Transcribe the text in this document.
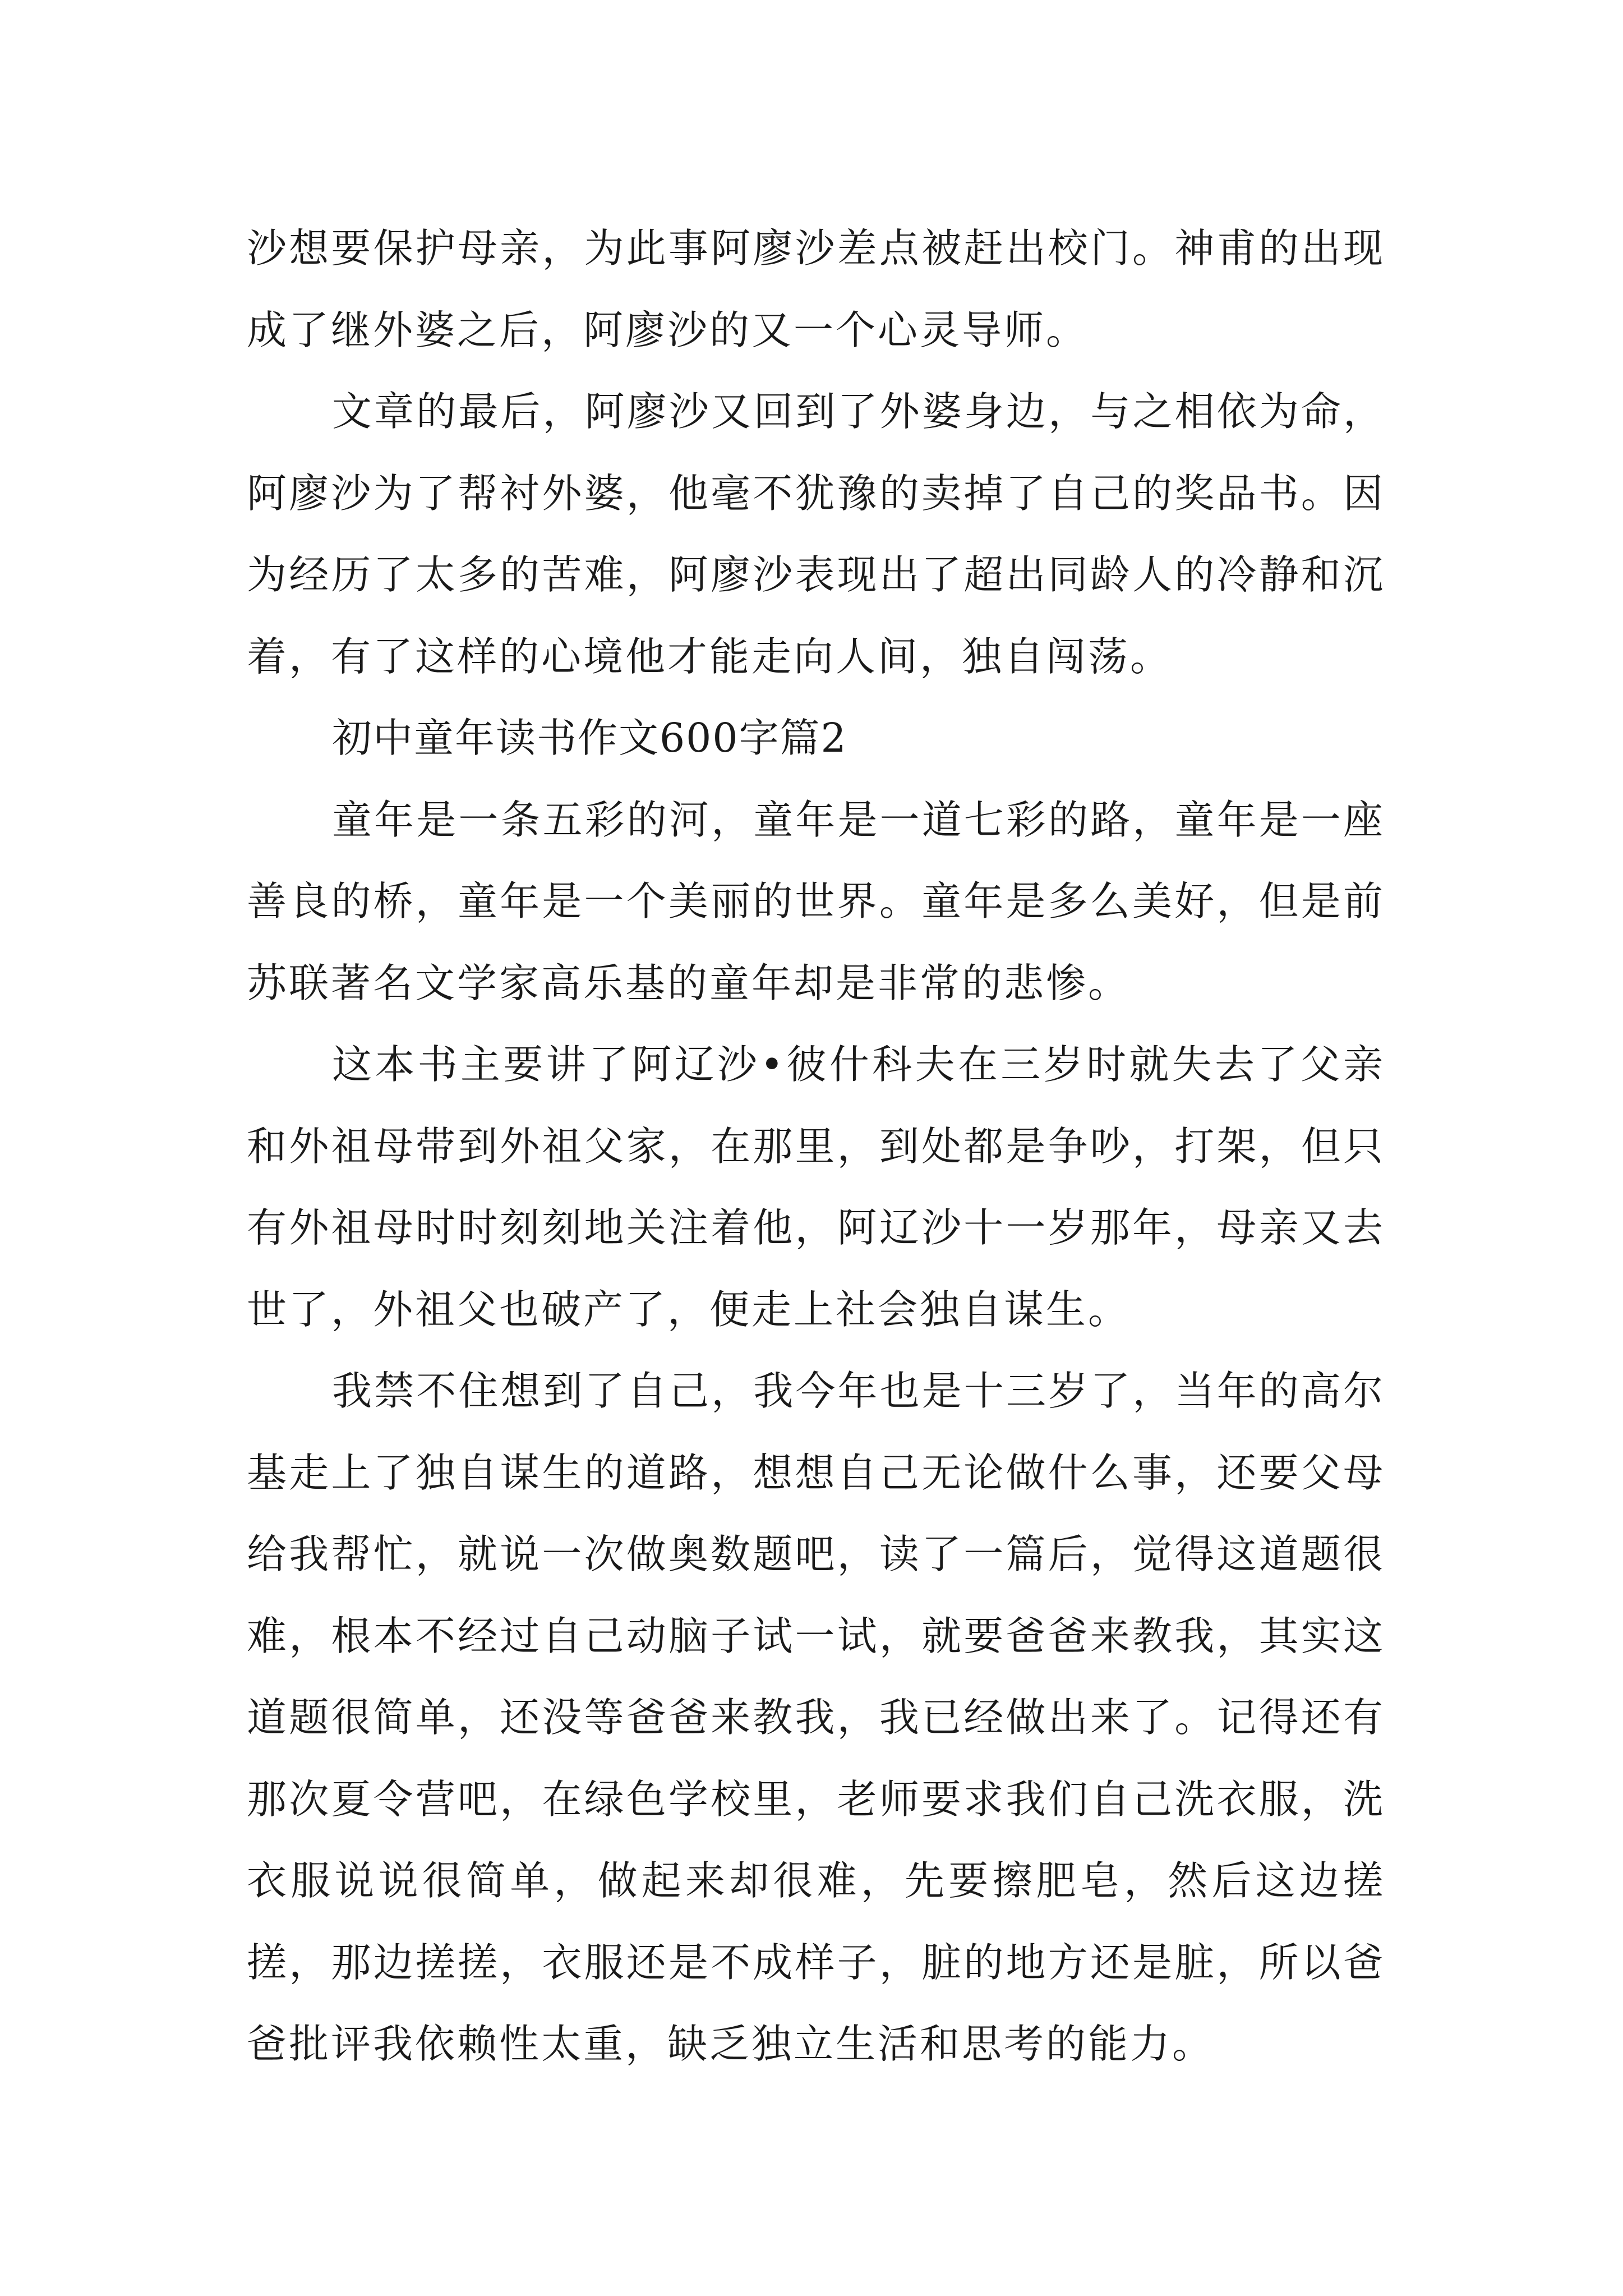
沙想要保护母亲，为此事阿廖沙差点被赶出校门。神甫的出现成了继外婆之后，阿廖沙的又一个心灵导师。

文章的最后，阿廖沙又回到了外婆身边，与之相依为命，阿廖沙为了帮衬外婆，他毫不犹豫的卖掉了自己的奖品书。因为经历了太多的苦难，阿廖沙表现出了超出同龄人的冷静和沉着，有了这样的心境他才能走向人间，独自闯荡。

初中童年读书作文600字篇2

童年是一条五彩的河，童年是一道七彩的路，童年是一座善良的桥，童年是一个美丽的世界。童年是多么美好，但是前苏联著名文学家高乐基的童年却是非常的悲惨。

这本书主要讲了阿辽沙•彼什科夫在三岁时就失去了父亲和外祖母带到外祖父家，在那里，到处都是争吵，打架，但只有外祖母时时刻刻地关注着他，阿辽沙十一岁那年，母亲又去世了，外祖父也破产了，便走上社会独自谋生。

我禁不住想到了自己，我今年也是十三岁了，当年的高尔基走上了独自谋生的道路，想想自己无论做什么事，还要父母给我帮忙，就说一次做奥数题吧，读了一篇后，觉得这道题很难，根本不经过自己动脑子试一试，就要爸爸来教我，其实这道题很简单，还没等爸爸来教我，我已经做出来了。记得还有那次夏令营吧，在绿色学校里，老师要求我们自己洗衣服，洗衣服说说很简单，做起来却很难，先要擦肥皂，然后这边搓搓，那边搓搓，衣服还是不成样子，脏的地方还是脏，所以爸爸批评我依赖性太重，缺乏独立生活和思考的能力。
